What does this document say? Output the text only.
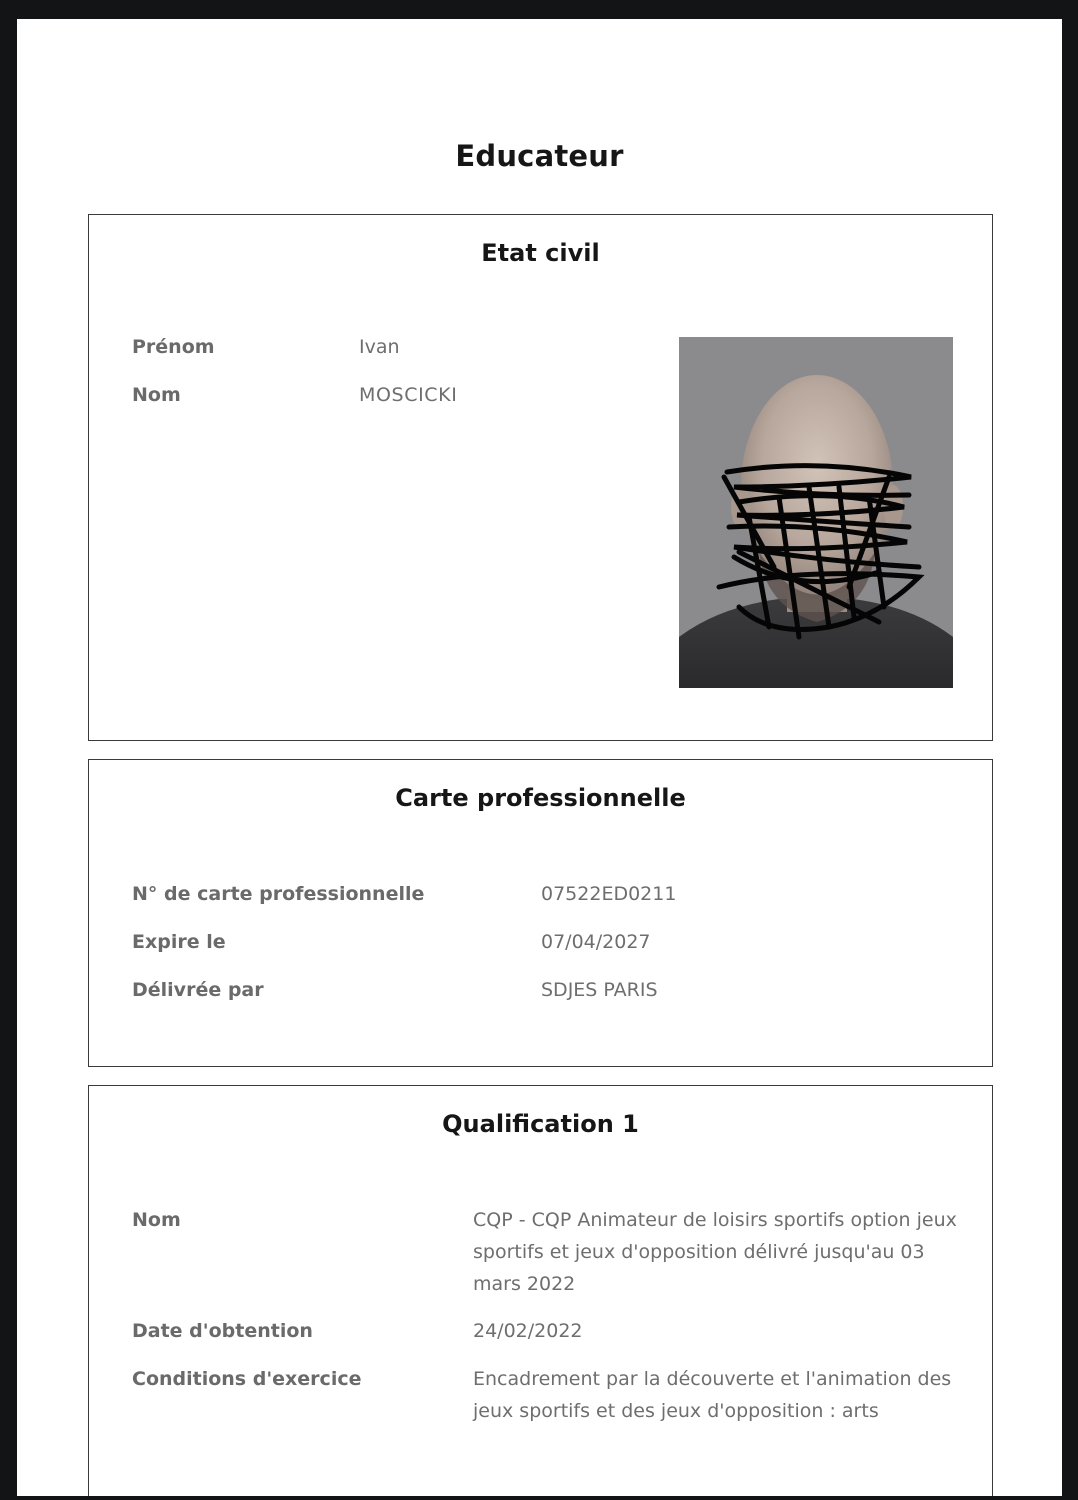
Educateur
Etat civil
Prénom	Ivan
Nom	MOSCICKI
Carte professionnelle
N° de carte professionnelle	07522ED0211
Expire le	07/04/2027
Délivrée par	SDJES PARIS
Qualification 1
Nom	CQP - CQP Animateur de loisirs sportifs option jeux sportifs et jeux d'opposition délivré jusqu'au 03 mars 2022
Date d'obtention	24/02/2022
Conditions d'exercice	Encadrement par la découverte et l'animation des jeux sportifs et des jeux d'opposition : arts
